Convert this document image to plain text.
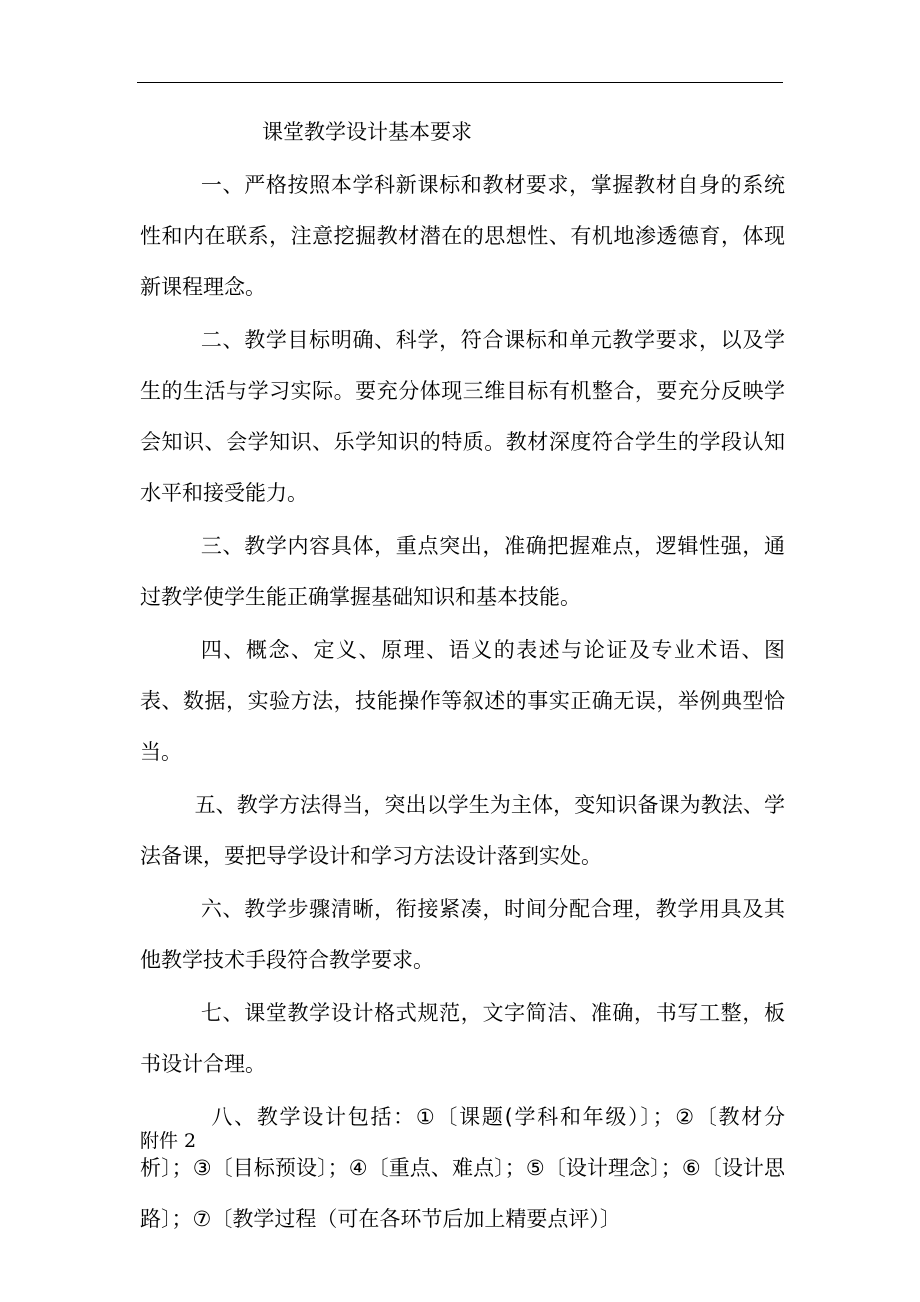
课堂教学设计基本要求

一、严格按照本学科新课标和教材要求，掌握教材自身的系统性和内在联系，注意挖掘教材潜在的思想性、有机地渗透德育，体现新课程理念。

二、教学目标明确、科学，符合课标和单元教学要求，以及学生的生活与学习实际。要充分体现三维目标有机整合，要充分反映学会知识、会学知识、乐学知识的特质。教材深度符合学生的学段认知水平和接受能力。

三、教学内容具体，重点突出，准确把握难点，逻辑性强，通过教学使学生能正确掌握基础知识和基本技能。

四、概念、定义、原理、语义的表述与论证及专业术语、图表、数据，实验方法，技能操作等叙述的事实正确无误，举例典型恰当。

五、教学方法得当，突出以学生为主体，变知识备课为教法、学法备课，要把导学设计和学习方法设计落到实处。

六、教学步骤清晰，衔接紧凑，时间分配合理，教学用具及其他教学技术手段符合教学要求。

七、课堂教学设计格式规范，文字简洁、准确，书写工整，板书设计合理。

八、教学设计包括：①〔课题(学科和年级）〕；②〔教材分析〕；③〔目标预设〕；④〔重点、难点〕；⑤〔设计理念〕；⑥〔设计思路〕；⑦〔教学过程（可在各环节后加上精要点评）〕

附件 2
